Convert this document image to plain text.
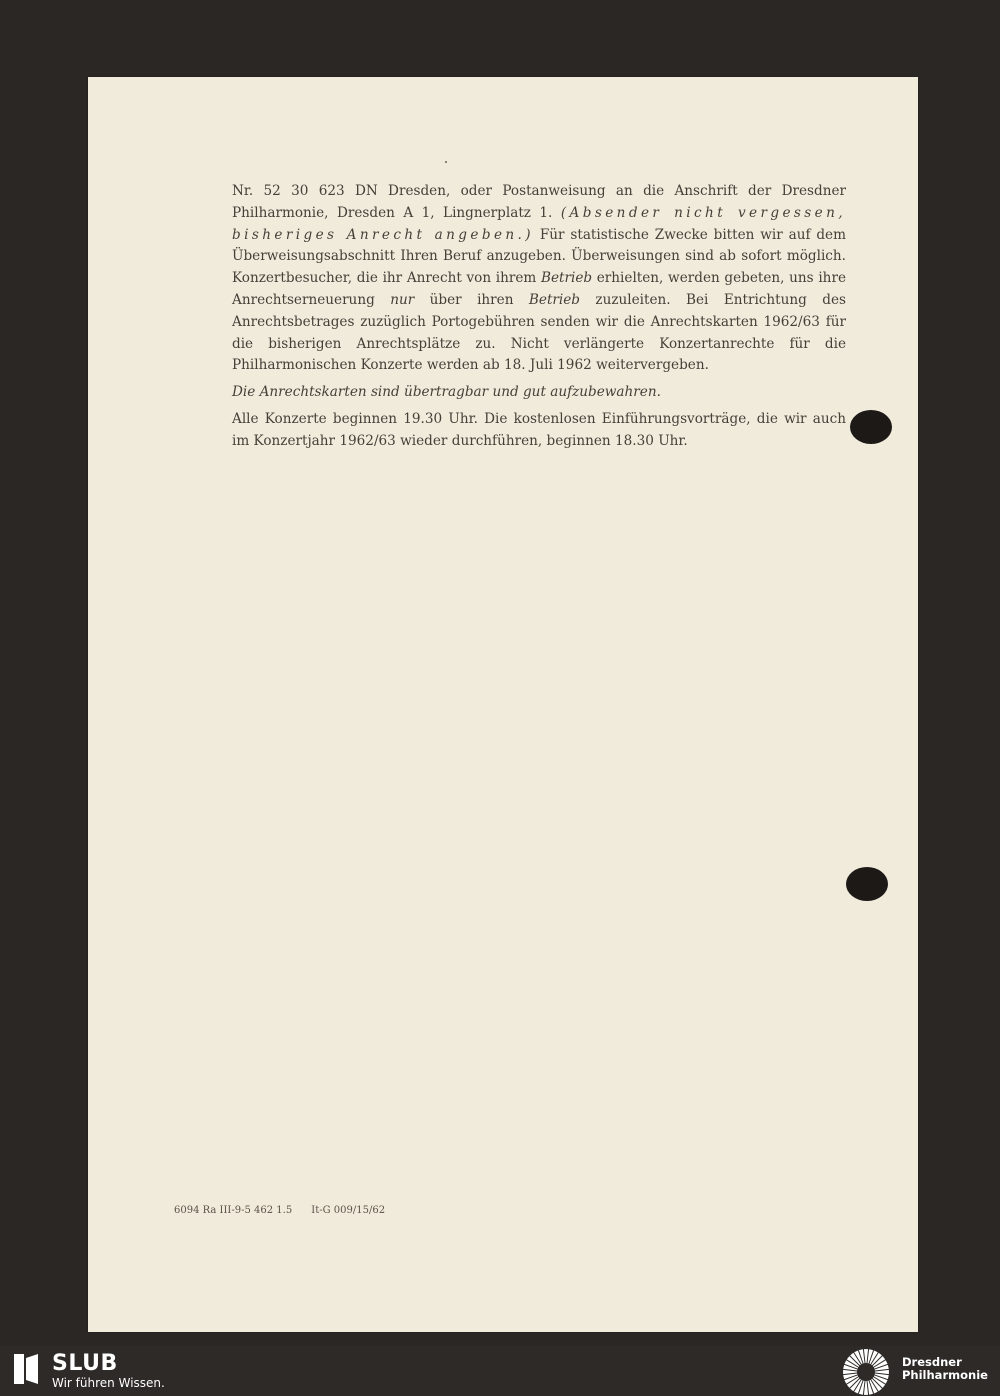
Nr. 52 30 623 DN Dresden, oder Postanweisung an die Anschrift der Dresdner Philharmonie, Dresden A 1, Lingnerplatz 1. (Absender nicht vergessen, bisheriges Anrecht angeben.) Für statistische Zwecke bitten wir auf dem Überweisungsabschnitt Ihren Beruf anzugeben. Überweisungen sind ab sofort möglich. Konzertbesucher, die ihr Anrecht von ihrem Betrieb erhielten, werden gebeten, uns ihre Anrechtserneuerung nur über ihren Betrieb zuzuleiten. Bei Entrichtung des Anrechtsbetrages zuzüglich Portogebühren senden wir die Anrechtskarten 1962/63 für die bisherigen Anrechtsplätze zu. Nicht verlängerte Konzertanrechte für die Philharmonischen Konzerte werden ab 18. Juli 1962 weitervergeben.

Die Anrechtskarten sind übertragbar und gut aufzubewahren.

Alle Konzerte beginnen 19.30 Uhr. Die kostenlosen Einführungsvorträge, die wir auch im Konzertjahr 1962/63 wieder durchführen, beginnen 18.30 Uhr.

6094 Ra III-9-5 462 1.5      It-G 009/15/62
SLUB
Wir führen Wissen.
Dresdner
Philharmonie
